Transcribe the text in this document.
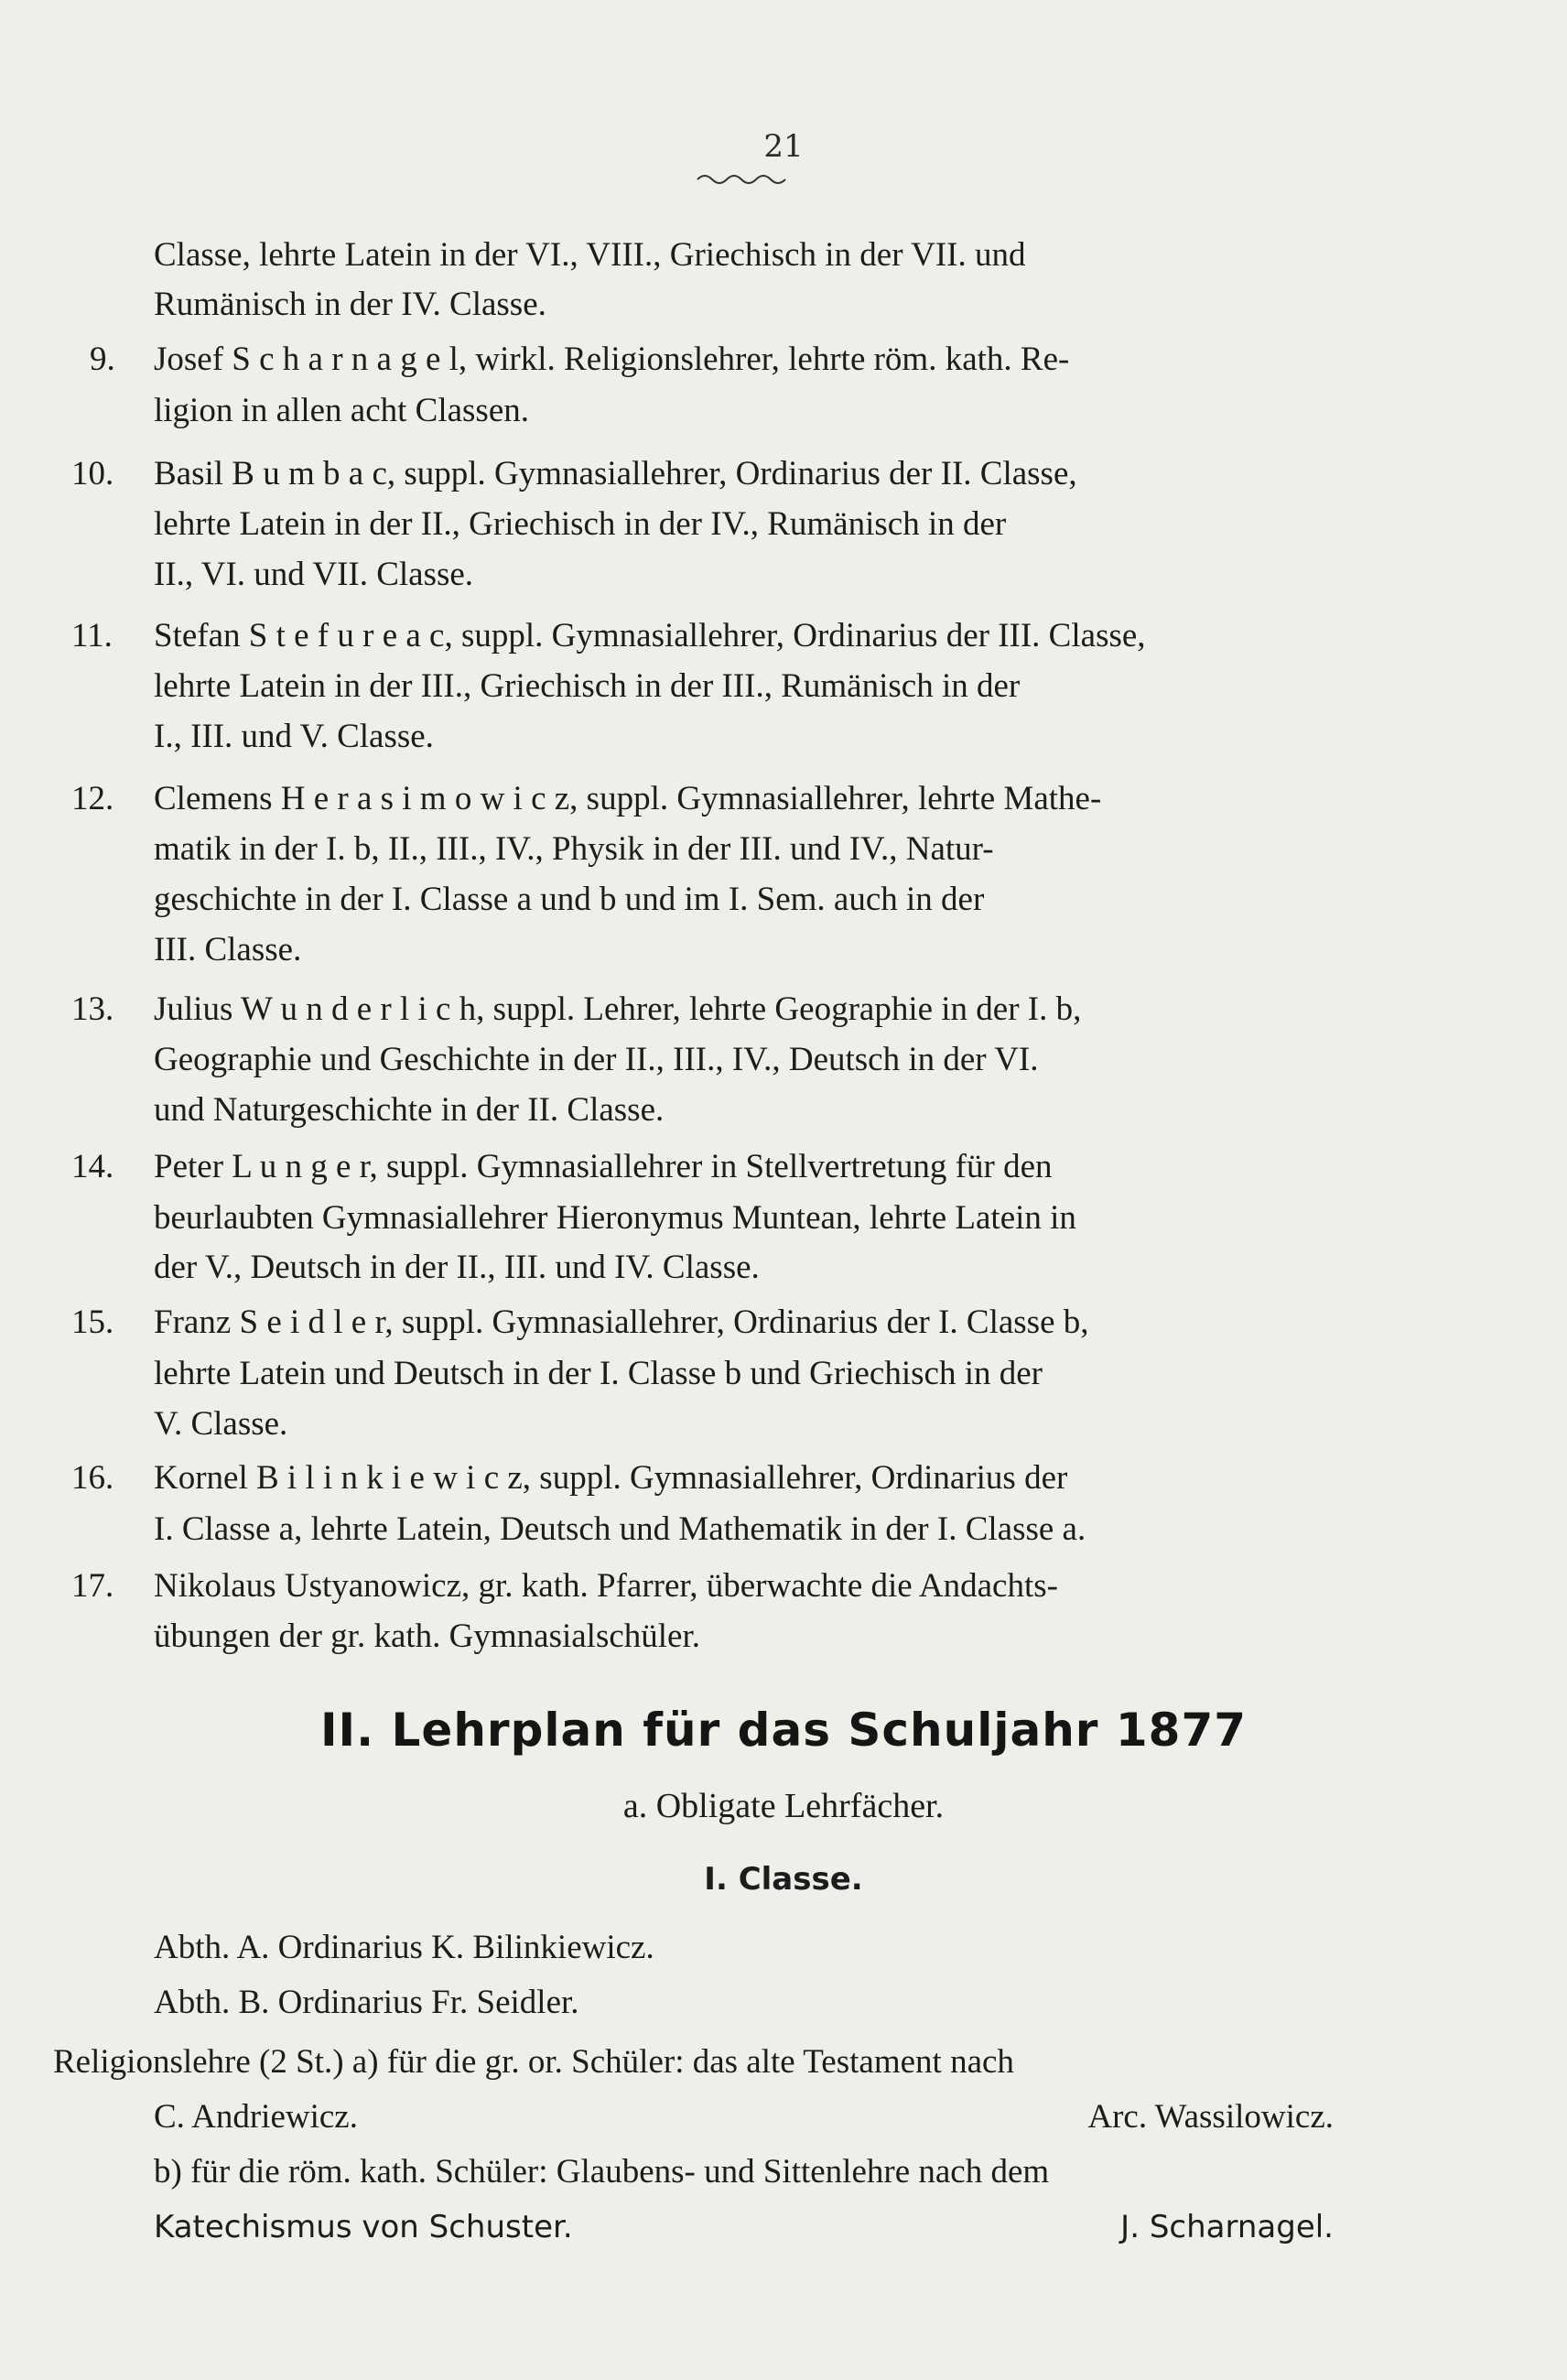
21
Classe, lehrte Latein in der VI., VIII., Griechisch in der VII. und
Rumänisch in der IV. Classe.
9. Josef S c h a r n a g e l, wirkl. Religionslehrer, lehrte röm. kath. Re-
ligion in allen acht Classen.
10. Basil B u m b a c, suppl. Gymnasiallehrer, Ordinarius der II. Classe,
lehrte Latein in der II., Griechisch in der IV., Rumänisch in der
II., VI. und VII. Classe.
11. Stefan S t e f u r e a c, suppl. Gymnasiallehrer, Ordinarius der III. Classe,
lehrte Latein in der III., Griechisch in der III., Rumänisch in der
I., III. und V. Classe.
12. Clemens H e r a s i m o w i c z, suppl. Gymnasiallehrer, lehrte Mathe-
matik in der I. b, II., III., IV., Physik in der III. und IV., Natur-
geschichte in der I. Classe a und b und im I. Sem. auch in der
III. Classe.
13. Julius W u n d e r l i c h, suppl. Lehrer, lehrte Geographie in der I. b,
Geographie und Geschichte in der II., III., IV., Deutsch in der VI.
und Naturgeschichte in der II. Classe.
14. Peter L u n g e r, suppl. Gymnasiallehrer in Stellvertretung für den
beurlaubten Gymnasiallehrer Hieronymus Muntean, lehrte Latein in
der V., Deutsch in der II., III. und IV. Classe.
15. Franz S e i d l e r, suppl. Gymnasiallehrer, Ordinarius der I. Classe b,
lehrte Latein und Deutsch in der I. Classe b und Griechisch in der
V. Classe.
16. Kornel B i l i n k i e w i c z, suppl. Gymnasiallehrer, Ordinarius der
I. Classe a, lehrte Latein, Deutsch und Mathematik in der I. Classe a.
17. Nikolaus Ustyanowicz, gr. kath. Pfarrer, überwachte die Andachts-
übungen der gr. kath. Gymnasialschüler.
II. Lehrplan für das Schuljahr 1877
a. Obligate Lehrfächer.
I. Classe.
Abth. A. Ordinarius K. Bilinkiewicz.
Abth. B. Ordinarius Fr. Seidler.
Religionslehre (2 St.) a) für die gr. or. Schüler: das alte Testament nach
C. Andriewicz.	Arc. Wassilowicz.
b) für die röm. kath. Schüler: Glaubens- und Sittenlehre nach dem
Katechismus von Schuster.	J. Scharnagel.
